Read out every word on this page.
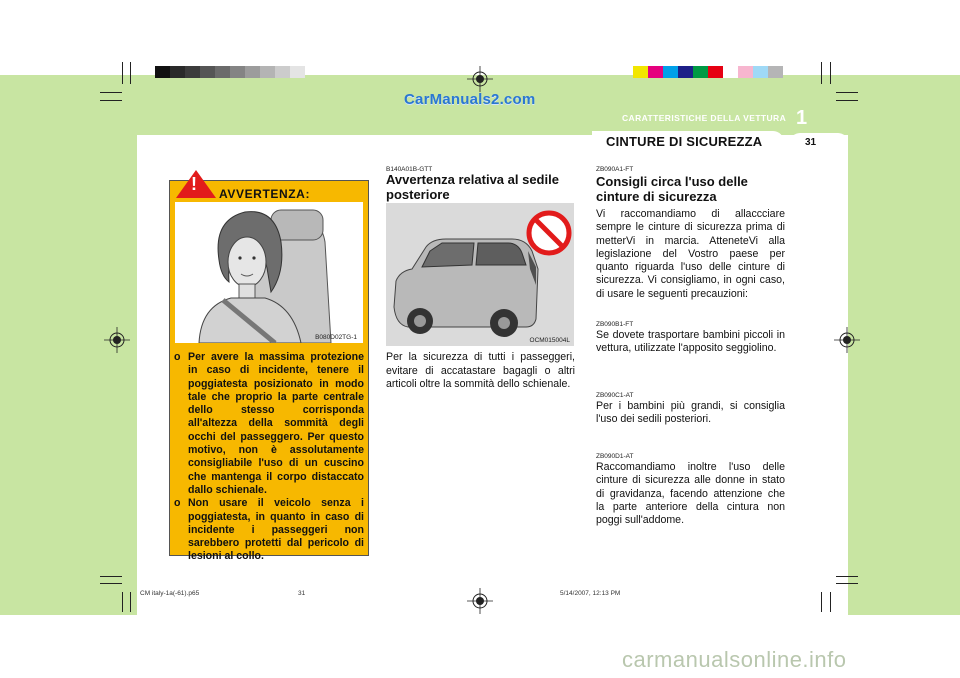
CarManuals2.com
carmanualsonline.info
CARATTERISTICHE DELLA VETTURA 1
CINTURE DI SICUREZZA	31
! AVVERTENZA:
B080D02TG-1
o Per avere la massima protezione in caso di incidente, tenere il poggiatesta posizionato in modo tale che proprio la parte centrale dello stesso corrisponda all'altezza della sommità degli occhi del passeggero. Per questo motivo, non è assolutamente consigliabile l'uso di un cuscino che mantenga il corpo distaccato dallo schienale.
o Non usare il veicolo senza i poggiatesta, in quanto in caso di incidente i passeggeri non sarebbero protetti dal pericolo di lesioni al collo.
B140A01B-GTT
Avvertenza relativa al sedile posteriore
OCM015004L
Per la sicurezza di tutti i passeggeri, evitare di accatastare bagagli o altri articoli oltre la sommità dello schienale.
ZB090A1-FT
Consigli circa l'uso delle cinture di sicurezza

Vi raccomandiamo di allaccciare sempre le cinture di sicurezza prima di metterVi in marcia. AtteneteVi alla legislazione del Vostro paese per quanto riguarda l'uso delle cinture di sicurezza. Vi consigliamo, in ogni caso, di usare le seguenti precauzioni:

ZB090B1-FT

Se dovete trasportare bambini piccoli in vettura, utilizzate l'apposito seggiolino.

ZB090C1-AT

Per i bambini più grandi, si consiglia l'uso dei sedili posteriori.

ZB090D1-AT

Raccomandiamo inoltre l'uso delle cinture di sicurezza alle donne in stato di gravidanza, facendo attenzione che la parte anteriore della cintura non poggi sull'addome.

CM italy-1a(-61).p65	31	5/14/2007, 12:13 PM
